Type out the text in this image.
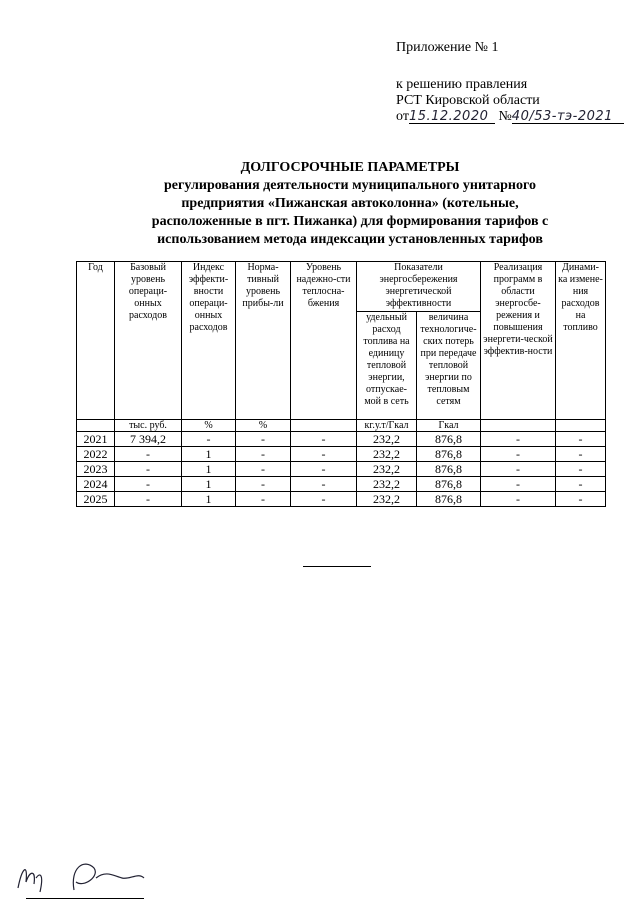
Приложение № 1
к решению правления
РСТ Кировской области
от15.12.2020 №40/53-тэ-2021
ДОЛГОСРОЧНЫЕ ПАРАМЕТРЫ
регулирования деятельности муниципального унитарного
предприятия «Пижанская автоколонна» (котельные,
расположенные в пгт. Пижанка) для формирования тарифов с
использованием метода индексации установленных тарифов
Год	Базовый уровень операци-онных расходов	Индекс эффекти-вности операци-онных расходов	Норма-тивный уровень прибы-ли	Уровень надежно-сти теплосна-бжения	Показатели энергосбережения энергетической эффективности		Реализация программ в области энергосбе-режения и повышения энергети-ческой эффектив-ности	Динами-ка измене-ния расходов на топливо
					удельный расход топлива на единицу тепловой энергии, отпускае-мой в сеть	величина технологиче-ских потерь при передаче тепловой энергии по тепловым сетям		
	тыс. руб.	%	%		кг.у.т/Гкал	Гкал		
2021	7 394,2	-	-	-	232,2	876,8	-	-
2022	-	1	-	-	232,2	876,8	-	-
2023	-	1	-	-	232,2	876,8	-	-
2024	-	1	-	-	232,2	876,8	-	-
2025	-	1	-	-	232,2	876,8	-	-
